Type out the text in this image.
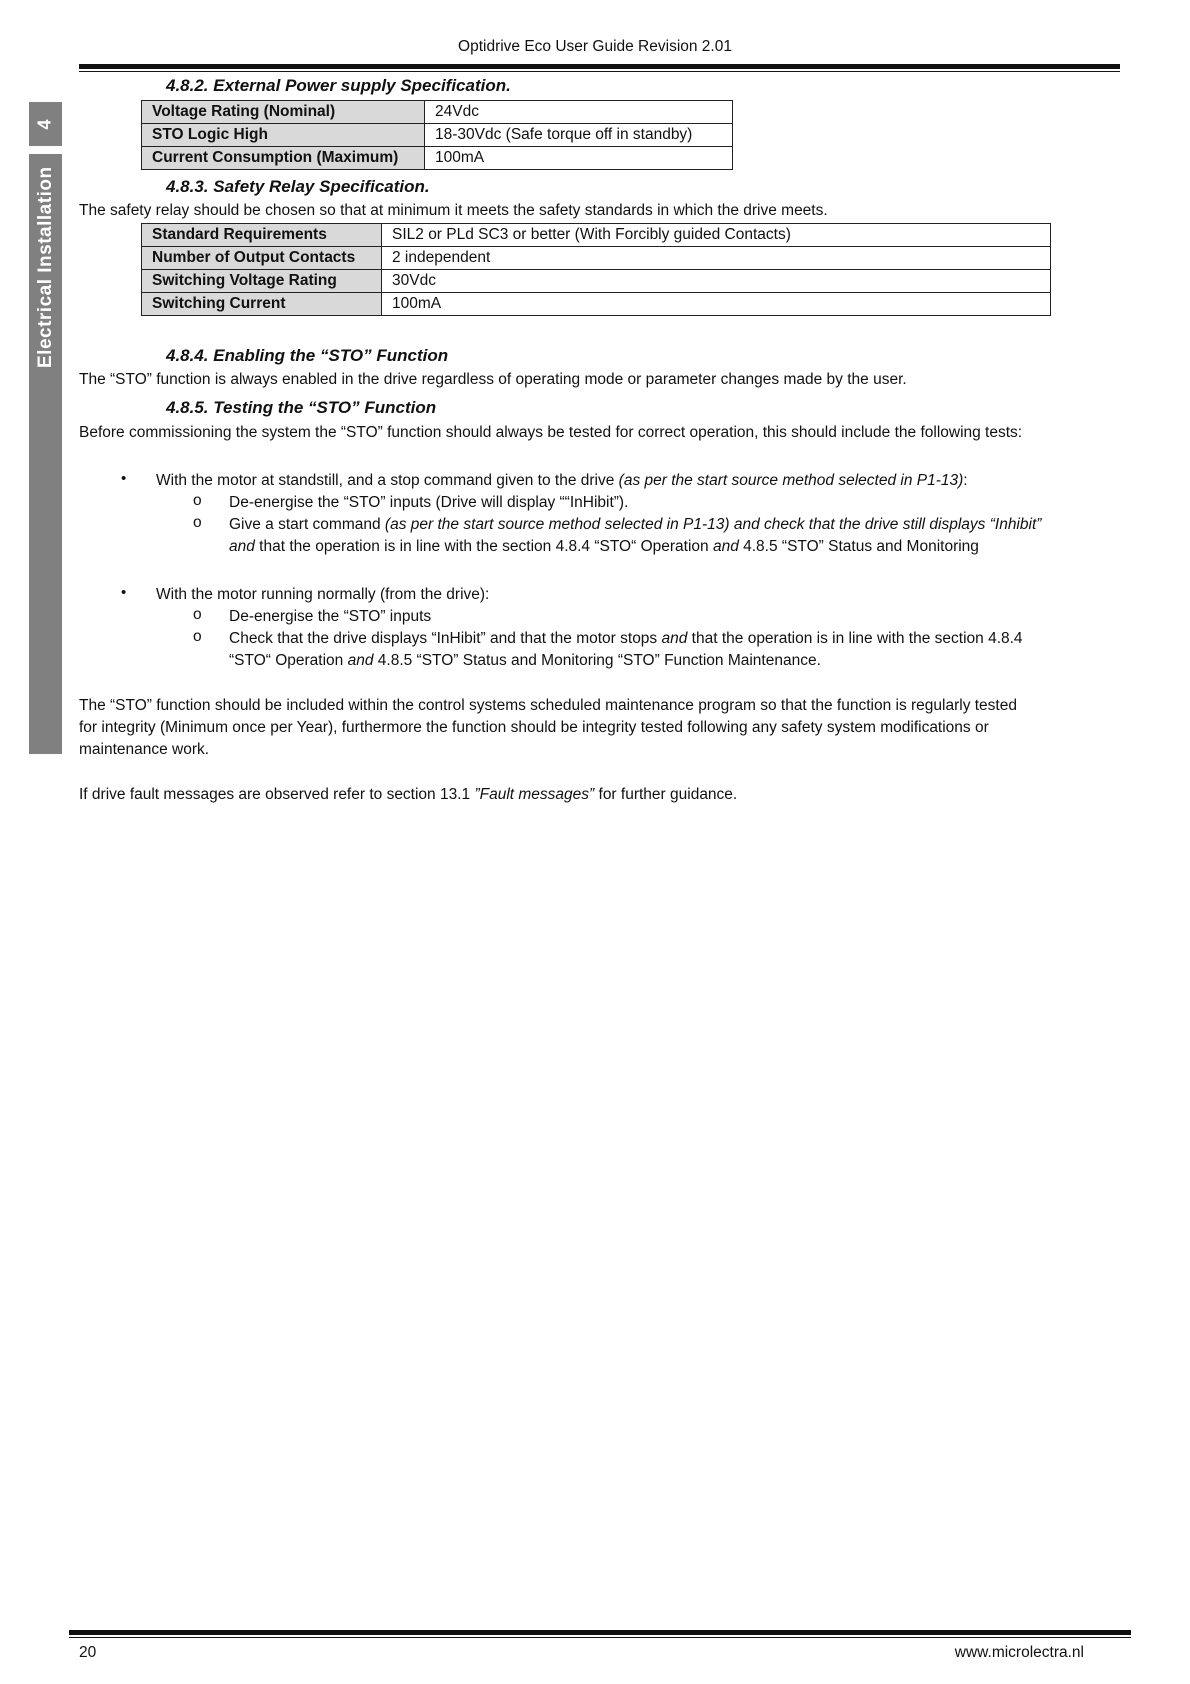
Optidrive Eco User Guide Revision 2.01
4
Electrical Installation
4.8.2. External Power supply Specification.
Voltage Rating (Nominal)	24Vdc
STO Logic High	18-30Vdc (Safe torque off in standby)
Current Consumption (Maximum)	100mA
4.8.3. Safety Relay Specification.
The safety relay should be chosen so that at minimum it meets the safety standards in which the drive meets.
Standard Requirements	SIL2 or PLd SC3 or better (With Forcibly guided Contacts)
Number of Output Contacts	2 independent
Switching Voltage Rating	30Vdc
Switching Current	100mA
4.8.4. Enabling the “STO” Function
The “STO” function is always enabled in the drive regardless of operating mode or parameter changes made by the user.
4.8.5. Testing the “STO” Function
Before commissioning the system the “STO” function should always be tested for correct operation, this should include the following tests:
• With the motor at standstill, and a stop command given to the drive (as per the start source method selected in P1-13):
o De-energise the “STO” inputs (Drive will display ““InHibit”).
o Give a start command (as per the start source method selected in P1-13) and check that the drive still displays “Inhibit”
and that the operation is in line with the section 4.8.4 “STO“ Operation and 4.8.5 “STO” Status and Monitoring
• With the motor running normally (from the drive):
o De-energise the “STO” inputs
o Check that the drive displays “InHibit” and that the motor stops and that the operation is in line with the section 4.8.4
“STO“ Operation and 4.8.5 “STO” Status and Monitoring “STO” Function Maintenance.
The “STO” function should be included within the control systems scheduled maintenance program so that the function is regularly tested
for integrity (Minimum once per Year), furthermore the function should be integrity tested following any safety system modifications or
maintenance work.
If drive fault messages are observed refer to section 13.1 ”Fault messages” for further guidance.
20	www.microlectra.nl
